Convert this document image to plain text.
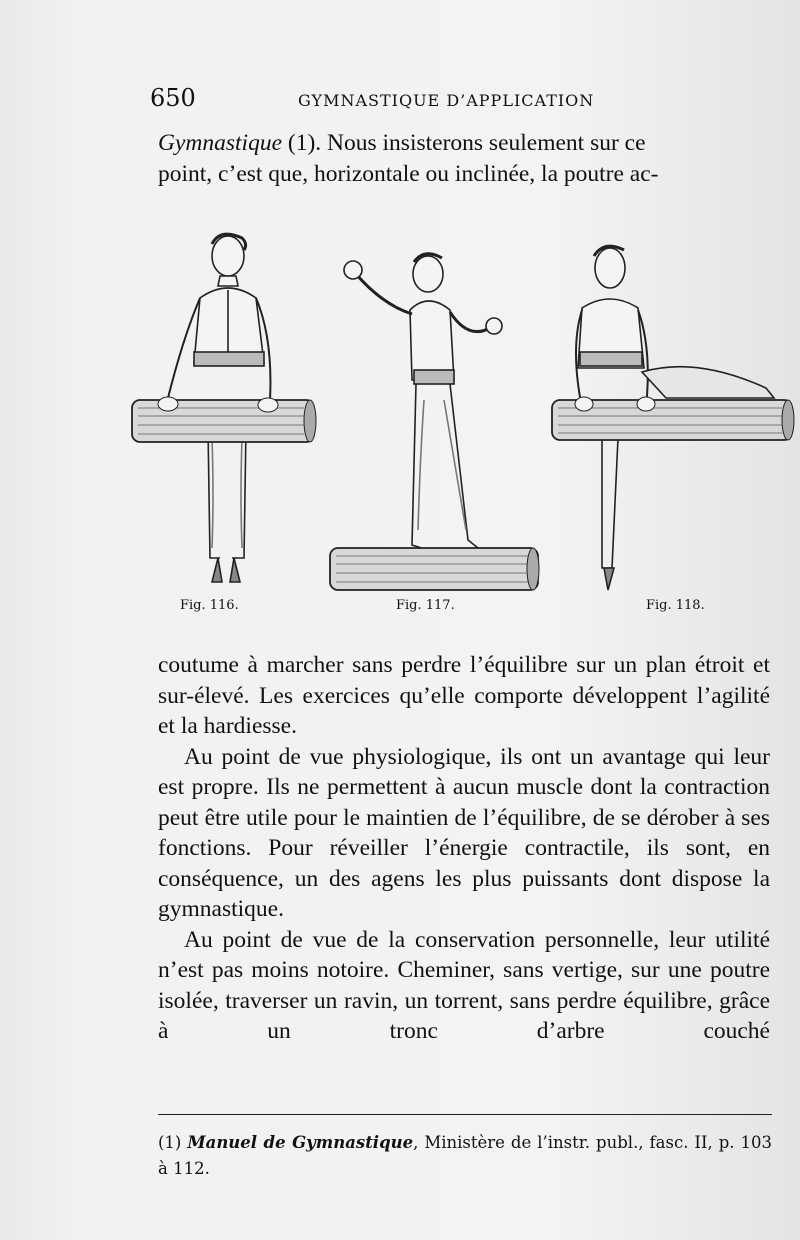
650	GYMNASTIQUE D’APPLICATION

Gymnastique (1). Nous insisterons seulement sur ce

point, c’est que, horizontale ou inclinée, la poutre ac-

Fig. 116.	Fig. 117.	Fig. 118.

coutume à marcher sans perdre l’équilibre sur un plan étroit et sur-élevé. Les exercices qu’elle comporte développent l’agilité et la hardiesse.

Au point de vue physiologique, ils ont un avantage qui leur est propre. Ils ne permettent à aucun muscle dont la contraction peut être utile pour le maintien de l’équilibre, de se dérober à ses fonctions. Pour réveiller l’énergie contractile, ils sont, en conséquence, un des agens les plus puissants dont dispose la gymnastique.

Au point de vue de la conservation personnelle, leur utilité n’est pas moins notoire. Cheminer, sans vertige, sur une poutre isolée, traverser un ravin, un torrent, sans perdre équilibre, grâce à un tronc d’arbre couché

(1) Manuel de Gymnastique, Ministère de l’instr. publ., fasc. II, p. 103 à 112.
